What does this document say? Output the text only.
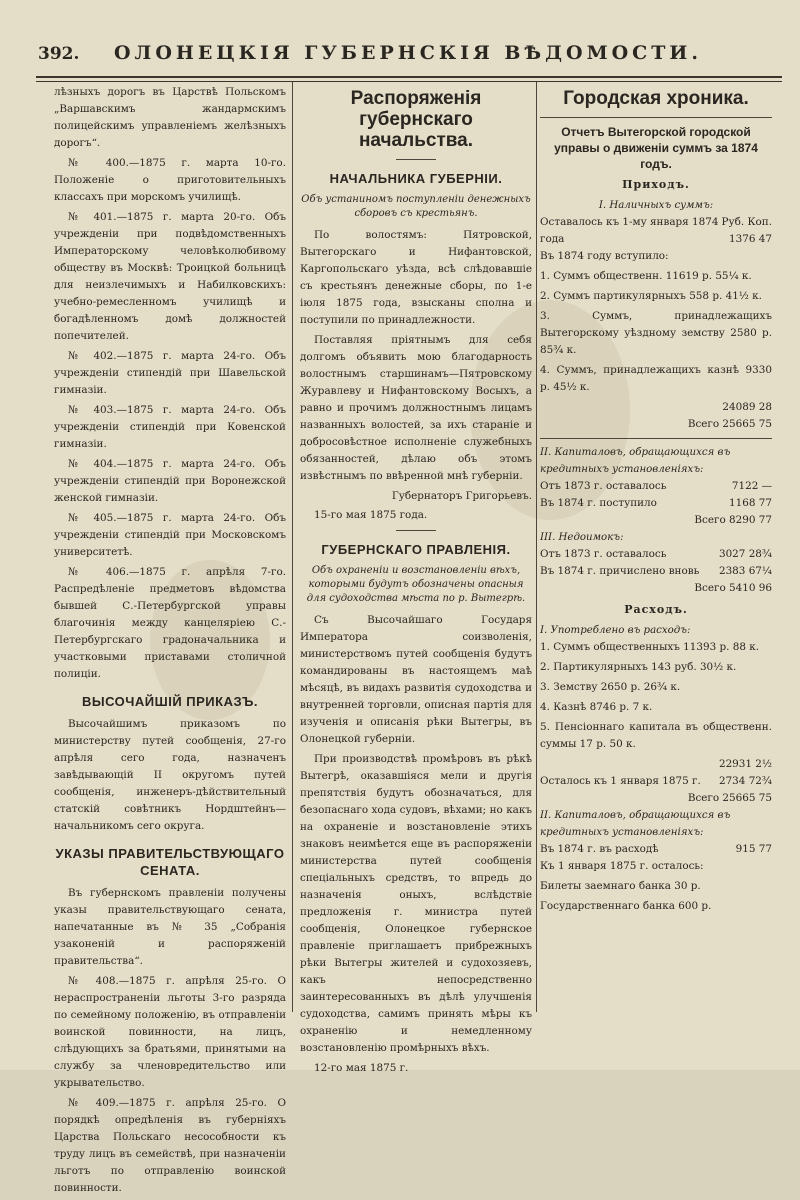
392.	ОЛОНЕЦКІЯ ГУБЕРНСКІЯ ВѢДОМОСТИ.

лѣзныхъ дорогъ въ Царствѣ Польскомъ „Варшавскимъ жандармскимъ полицейскимъ управленіемъ желѣзныхъ дорогъ“.

№ 400.—1875 г. марта 10-го. Положеніе о приготовительныхъ классахъ при морскомъ училищѣ.

№ 401.—1875 г. марта 20-го. Объ учрежденіи при подвѣдомственныхъ Императорскому человѣколюбивому обществу въ Москвѣ: Троицкой больницѣ для неизлечимыхъ и Набилковскихъ: учебно-ремесленномъ училищѣ и богадѣленномъ домѣ должностей попечителей.

№ 402.—1875 г. марта 24-го. Объ учрежденіи стипендій при Шавельской гимназіи.

№ 403.—1875 г. марта 24-го. Объ учрежденіи стипендій при Ковенской гимназіи.

№ 404.—1875 г. марта 24-го. Объ учрежденіи стипендій при Воронежской женской гимназіи.

№ 405.—1875 г. марта 24-го. Объ учрежденіи стипендій при Московскомъ университетѣ.

№ 406.—1875 г. апрѣля 7-го. Распредѣленіе предметовъ вѣдомства бывшей С.-Петербургской управы благочинія между канцеляріею С.-Петербургскаго градоначальника и участковыми приставами столичной полиціи.

ВЫСОЧАЙШІЙ ПРИКАЗЪ.

Высочайшимъ приказомъ по министерству путей сообщенія, 27-го апрѣля сего года, назначенъ завѣдывающій II округомъ путей сообщенія, инженеръ-дѣйствительный статскій совѣтникъ Нордштейнъ—начальникомъ сего округа.

УКАЗЫ ПРАВИТЕЛЬСТВУЮЩАГО СЕНАТА.

Въ губернскомъ правленіи получены указы правительствующаго сената, напечатанные въ № 35 „Собранія узаконеній и распоряженій правительства“.

№ 408.—1875 г. апрѣля 25-го. О нераспространеніи льготы 3-го разряда по семейному положенію, въ отправленіи воинской повинности, на лицъ, слѣдующихъ за братьями, принятыми на службу за членовредительство или укрывательство.

№ 409.—1875 г. апрѣля 25-го. О порядкѣ опредѣленія въ губерніяхъ Царства Польскаго несособности къ труду лицъ въ семействѣ, при назначеніи льготъ по отправленію воинской повинности.

Распоряженія губернскаго начальства.
НАЧАЛЬНИКА ГУБЕРНІИ.
Объ устаниномъ поступленіи денежныхъ сборовъ съ крестьянъ.

По волостямъ: Пятровской, Вытегорскаго и Нифантовской, Каргопольскаго уѣзда, всѣ слѣдовавшіе съ крестьянъ денежные сборы, по 1-е іюля 1875 года, взысканы сполна и поступили по принадлежности.

Поставляя пріятнымъ для себя долгомъ объявить мою благодарность волостнымъ старшинамъ—Пятровскому Журавлеву и Нифантовскому Восыхъ, а равно и прочимъ должностнымъ лицамъ названныхъ волостей, за ихъ стараніе и добросовѣстное исполненіе служебныхъ обязанностей, дѣлаю объ этомъ извѣстнымъ по ввѣренной мнѣ губерніи.

Губернаторъ Григорьевъ.

15-го мая 1875 года.

ГУБЕРНСКАГО ПРАВЛЕНІЯ.
Объ охраненіи и возстановленіи вѣхъ, которыми будутъ обозначены опасныя для судоходства мѣста по р. Вытегрѣ.

Съ Высочайшаго Государя Императора соизволенія, министерствомъ путей сообщенія будутъ командированы въ настоящемъ маѣ мѣсяцѣ, въ видахъ развитія судоходства и внутренней торговли, описная партія для изученія и описанія рѣки Вытегры, въ Олонецкой губерніи.

При производствѣ промѣровъ въ рѣкѣ Вытегрѣ, оказавшіяся мели и другія препятствія будутъ обозначаться, для безопаснаго хода судовъ, вѣхами; но какъ на охраненіе и возстановленіе этихъ знаковъ неимѣется еще въ распоряженіи министерства путей сообщенія спеціальныхъ средствъ, то впредь до назначенія оныхъ, вслѣдствіе предложенія г. министра путей сообщенія, Олонецкое губернское правленіе приглашаетъ прибрежныхъ рѣки Вытегры жителей и судохозяевъ, какъ непосредственно заинтересованныхъ въ дѣлѣ улучшенія судоходства, самимъ принять мѣры къ охраненію и немедленному возстановленію промѣрныхъ вѣхъ.

12-го мая 1875 г.

Городская хроника.
Отчетъ Вытегорской городской управы о движеніи суммъ за 1874 годъ.
Приходъ.
I. Наличныхъ суммъ:
Оставалось къ 1-му января 1874 года
Руб. Коп.
1376 47
Въ 1874 году вступило:
1. Суммъ общественн. 11619 р. 55¼ к.
2. Суммъ партикулярныхъ 558 р. 41½ к.
3. Суммъ, принадлежащихъ Вытегорскому уѣздному земству 2580 р. 85¾ к.
4. Суммъ, принадлежащихъ казнѣ 9330 р. 45½ к.
24089 28
Всего 25665 75
II. Капиталовъ, обращающихся въ кредитныхъ установленіяхъ:
Отъ 1873 г. оставалось	7122 —
Въ 1874 г. поступило	1168 77
Всего 8290 77
III. Недоимокъ:
Отъ 1873 г. оставалось	3027 28¾
Въ 1874 г. причислено вновь	2383 67¼
Всего 5410 96
Расходъ.
I. Употреблено въ расходъ:
1. Суммъ общественныхъ 11393 р. 88 к.
2. Партикулярныхъ 143 руб. 30½ к.
3. Земству 2650 р. 26¾ к.
4. Казнѣ 8746 р. 7 к.
5. Пенсіоннаго капитала въ общественн. суммы 17 р. 50 к.
22931 2½
Осталось къ 1 января 1875 г.	2734 72¾
Всего 25665 75
II. Капиталовъ, обращающихся въ кредитныхъ установленіяхъ:
Въ 1874 г. въ расходѣ	915 77
Къ 1 января 1875 г. осталось:
Билеты заемнаго банка 30 р.
Государственнаго банка 600 р.
